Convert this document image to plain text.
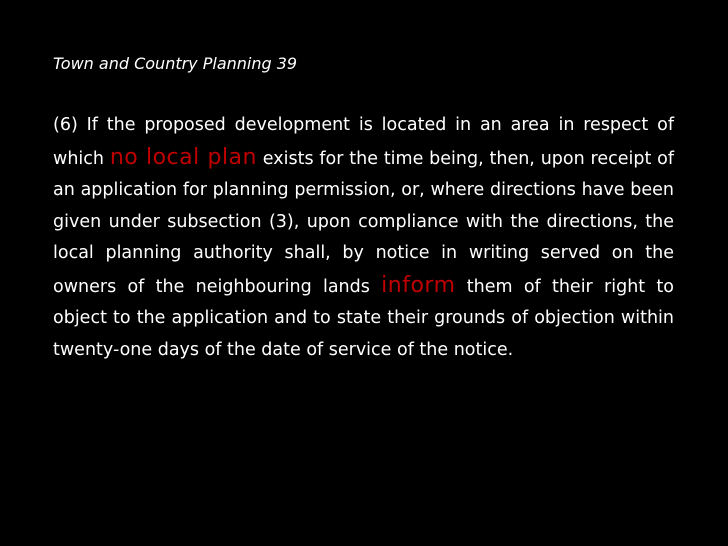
Town and Country Planning 39

(6) If the proposed development is located in an area in respect of which no local plan exists for the time being, then, upon receipt of an application for planning permission, or, where directions have been given under subsection (3), upon compliance with the directions, the local planning authority shall, by notice in writing served on the owners of the neighbouring lands inform them of their right to object to the application and to state their grounds of objection within twenty-one days of the date of service of the notice.
